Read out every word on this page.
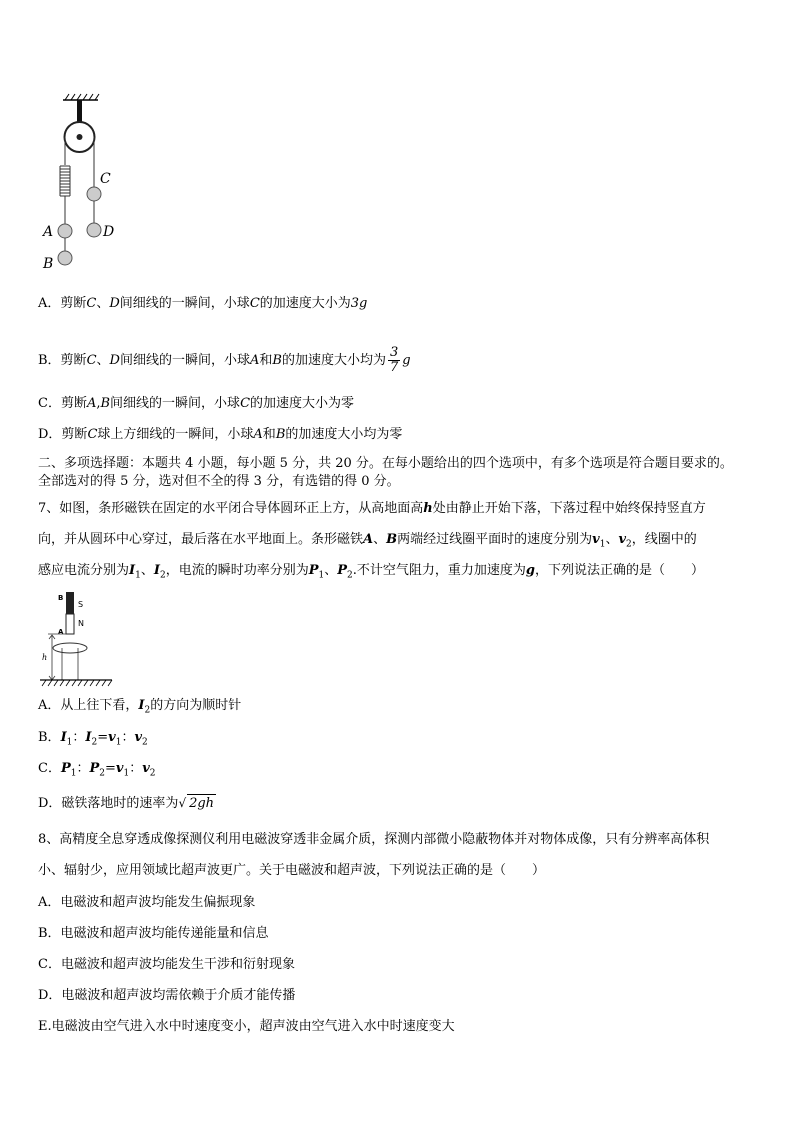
C
D
A
B
A．剪断C、D间细线的一瞬间，小球C的加速度大小为3g
B．剪断C、D间细线的一瞬间，小球A和B的加速度大小均为 $\frac{3}{7}$ g
C．剪断A,B间细线的一瞬间，小球C的加速度大小为零
D．剪断C球上方细线的一瞬间，小球A和B的加速度大小均为零
二、多项选择题：本题共 4 小题，每小题 5 分，共 20 分。在每小题给出的四个选项中，有多个选项是符合题目要求的。
全部选对的得 5 分，选对但不全的得 3 分，有选错的得 0 分。
7、如图，条形磁铁在固定的水平闭合导体圆环正上方，从高地面高h处由静止开始下落，下落过程中始终保持竖直方
向，并从圆环中心穿过，最后落在水平地面上。条形磁铁A、B两端经过线圈平面时的速度分别为$v_1$、$v_2$，线圈中的
感应电流分别为$I_1$、$I_2$，电流的瞬时功率分别为$P_1$、$P_2$.不计空气阻力，重力加速度为g，下列说法正确的是（　　）
B
S
N
A
h
A．从上往下看，$I_2$的方向为顺时针
B．$I_1$：$I_2=v_1$：$v_2$
C．$P_1$：$P_2=v_1$：$v_2$
D．磁铁落地时的速率为√ 2gh
8、高精度全息穿透成像探测仪利用电磁波穿透非金属介质，探测内部微小隐蔽物体并对物体成像，只有分辨率高体积
小、辐射少，应用领域比超声波更广。关于电磁波和超声波，下列说法正确的是（　　）
A．电磁波和超声波均能发生偏振现象
B．电磁波和超声波均能传递能量和信息
C．电磁波和超声波均能发生干涉和衍射现象
D．电磁波和超声波均需依赖于介质才能传播
E.电磁波由空气进入水中时速度变小，超声波由空气进入水中时速度变大
